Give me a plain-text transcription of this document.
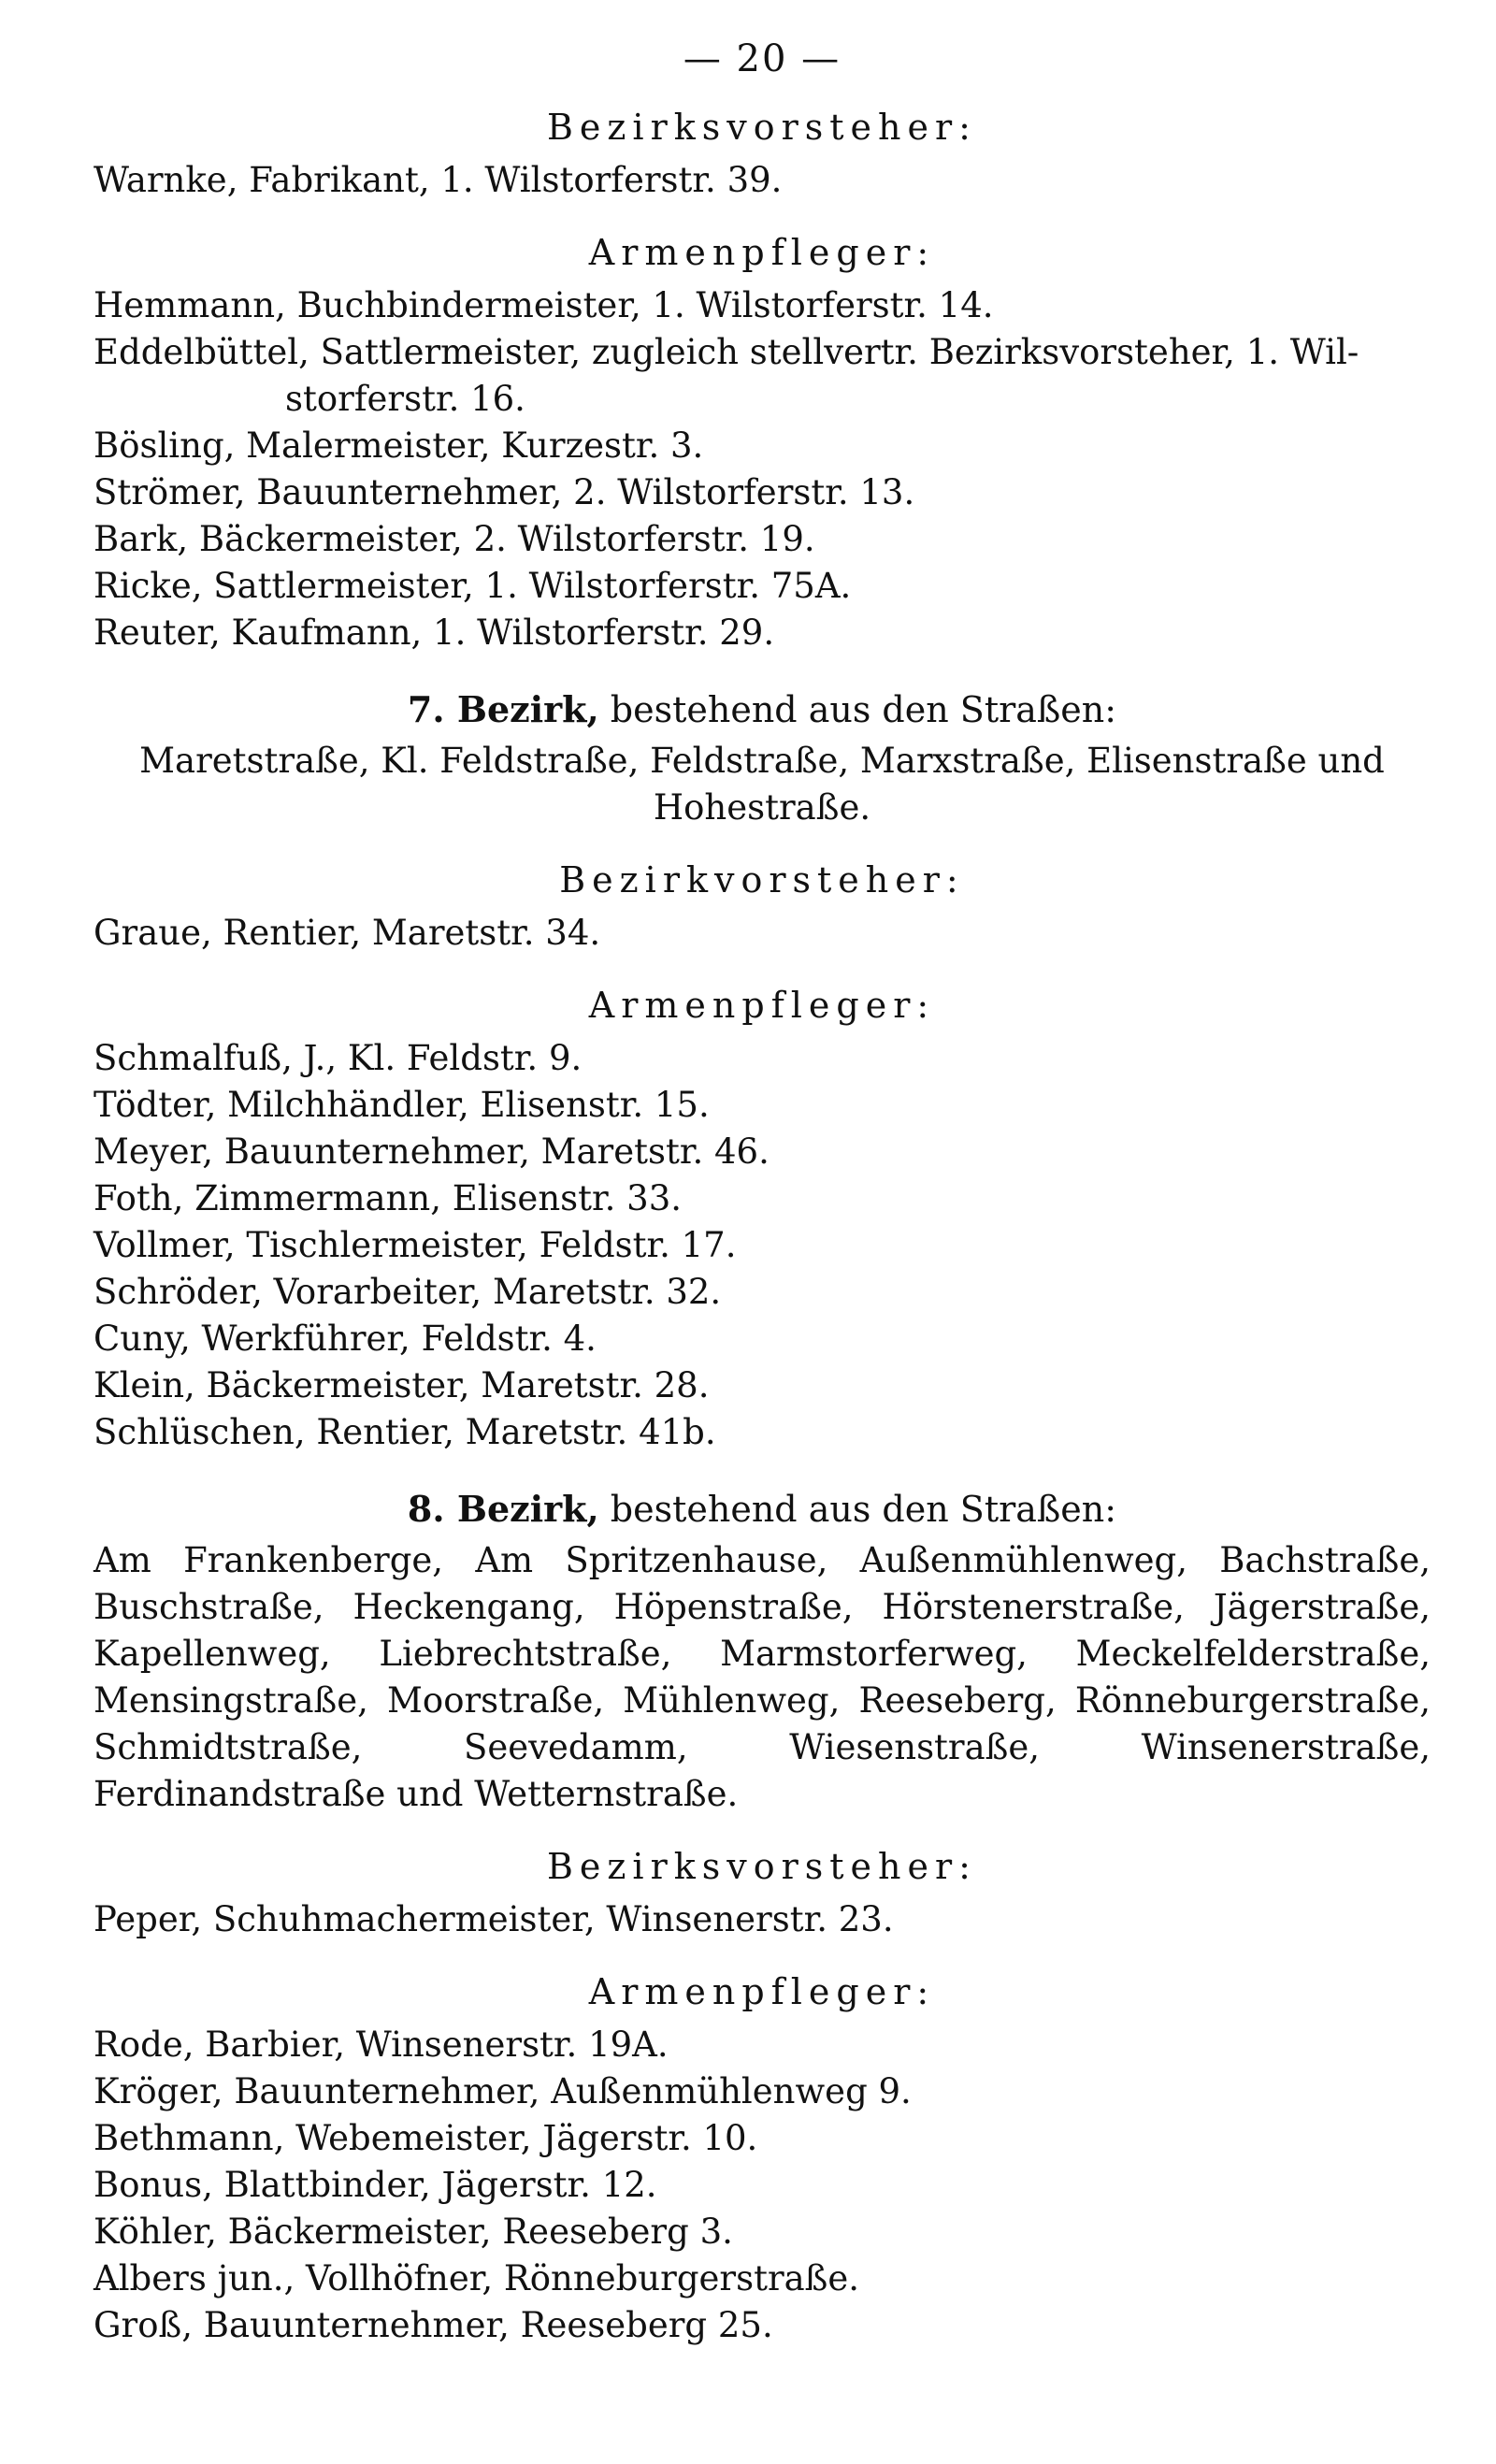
— 20 —
Bezirksvorsteher:

Warnke, Fabrikant, 1. Wilstorferstr. 39.

Armenpfleger:

Hemmann, Buchbindermeister, 1. Wilstorferstr. 14.

Eddelbüttel, Sattlermeister, zugleich stellvertr. Bezirksvorsteher, 1. Wil-storferstr. 16.

Bösling, Malermeister, Kurzestr. 3.

Strömer, Bauunternehmer, 2. Wilstorferstr. 13.

Bark, Bäckermeister, 2. Wilstorferstr. 19.

Ricke, Sattlermeister, 1. Wilstorferstr. 75A.

Reuter, Kaufmann, 1. Wilstorferstr. 29.

7. Bezirk, bestehend aus den Straßen:

Maretstraße, Kl. Feldstraße, Feldstraße, Marxstraße, Elisenstraße und Hohestraße.

Bezirkvorsteher:

Graue, Rentier, Maretstr. 34.

Armenpfleger:

Schmalfuß, J., Kl. Feldstr. 9.

Tödter, Milchhändler, Elisenstr. 15.

Meyer, Bauunternehmer, Maretstr. 46.

Foth, Zimmermann, Elisenstr. 33.

Vollmer, Tischlermeister, Feldstr. 17.

Schröder, Vorarbeiter, Maretstr. 32.

Cuny, Werkführer, Feldstr. 4.

Klein, Bäckermeister, Maretstr. 28.

Schlüschen, Rentier, Maretstr. 41b.

8. Bezirk, bestehend aus den Straßen:

Am Frankenberge, Am Spritzenhause, Außenmühlenweg, Bachstraße, Buschstraße, Heckengang, Höpenstraße, Hörstenerstraße, Jägerstraße, Kapellenweg, Liebrechtstraße, Marmstorferweg, Meckelfelderstraße, Mensingstraße, Moorstraße, Mühlenweg, Reeseberg, Rönneburgerstraße, Schmidtstraße, Seevedamm, Wiesenstraße, Winsenerstraße, Ferdinandstraße und Wetternstraße.

Bezirksvorsteher:

Peper, Schuhmachermeister, Winsenerstr. 23.

Armenpfleger:

Rode, Barbier, Winsenerstr. 19A.

Kröger, Bauunternehmer, Außenmühlenweg 9.

Bethmann, Webemeister, Jägerstr. 10.

Bonus, Blattbinder, Jägerstr. 12.

Köhler, Bäckermeister, Reeseberg 3.

Albers jun., Vollhöfner, Rönneburgerstraße.

Groß, Bauunternehmer, Reeseberg 25.
